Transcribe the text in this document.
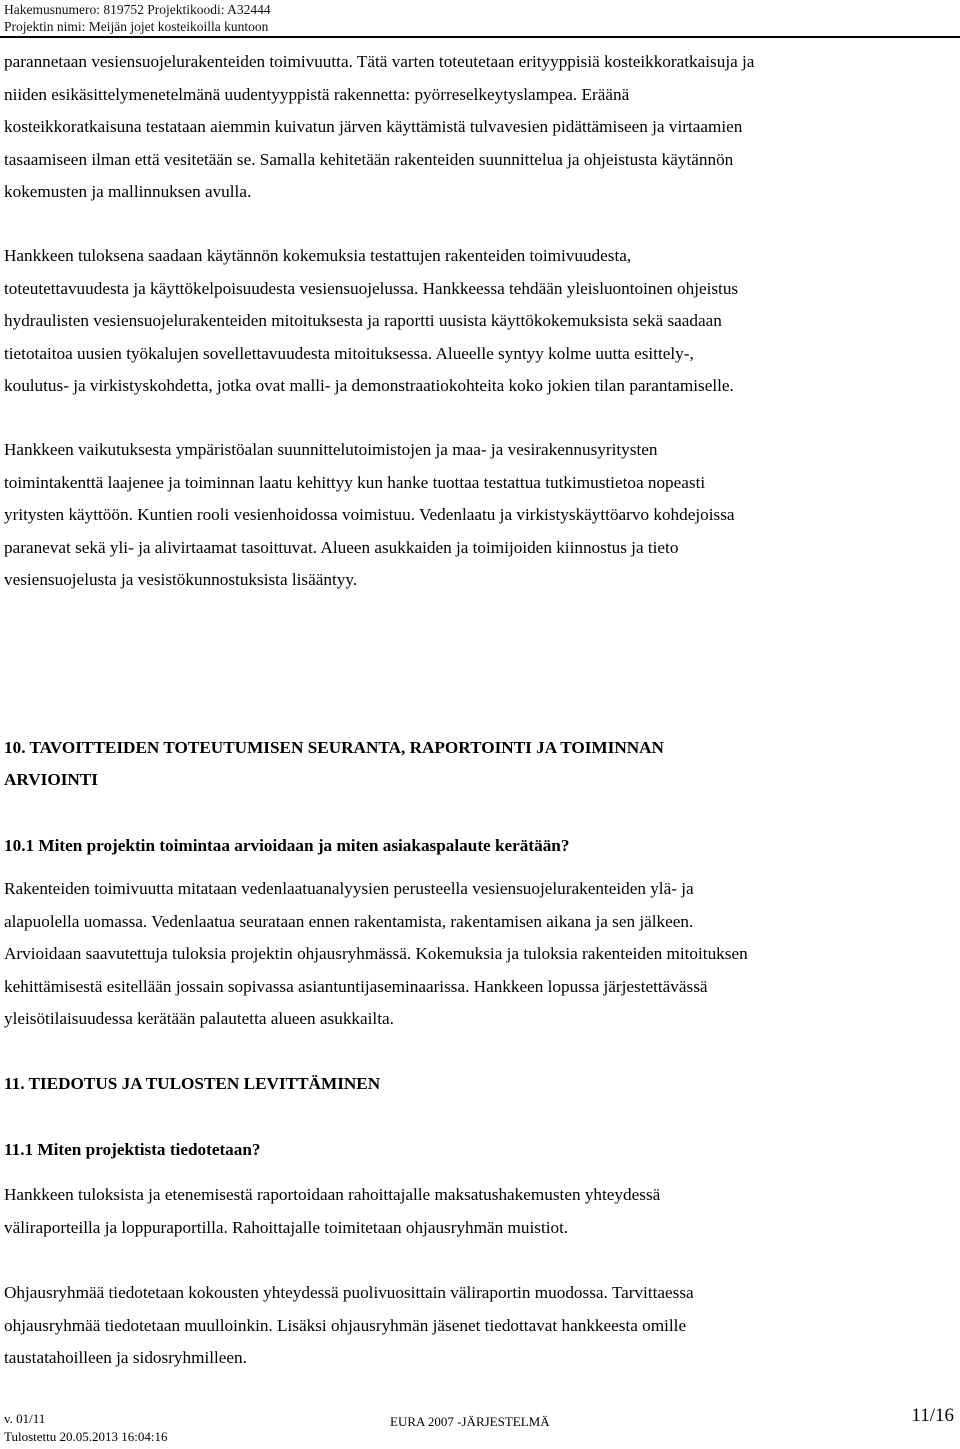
Hakemusnumero: 819752 Projektikoodi: A32444
Projektin nimi: Meijän jojet kosteikoilla kuntoon

parannetaan vesiensuojelurakenteiden toimivuutta. Tätä varten toteutetaan erityyppisiä kosteikkoratkaisuja ja
niiden esikäsittelymenetelmänä uudentyyppistä rakennetta: pyörreselkeytyslampea. Eräänä
kosteikkoratkaisuna testataan aiemmin kuivatun järven käyttämistä tulvavesien pidättämiseen ja virtaamien
tasaamiseen ilman että vesitetään se. Samalla kehitetään rakenteiden suunnittelua ja ohjeistusta käytännön
kokemusten ja mallinnuksen avulla.

Hankkeen tuloksena saadaan käytännön kokemuksia testattujen rakenteiden toimivuudesta,
toteutettavuudesta ja käyttökelpoisuudesta vesiensuojelussa. Hankkeessa tehdään yleisluontoinen ohjeistus
hydraulisten vesiensuojelurakenteiden mitoituksesta ja raportti uusista käyttökokemuksista sekä saadaan
tietotaitoa uusien työkalujen sovellettavuudesta mitoituksessa. Alueelle syntyy kolme uutta esittely-,
koulutus- ja virkistyskohdetta, jotka ovat malli- ja demonstraatiokohteita koko jokien tilan parantamiselle.

Hankkeen vaikutuksesta ympäristöalan suunnittelutoimistojen ja maa- ja vesirakennusyritysten
toimintakenttä laajenee ja toiminnan laatu kehittyy kun hanke tuottaa testattua tutkimustietoa nopeasti
yritysten käyttöön. Kuntien rooli vesienhoidossa voimistuu. Vedenlaatu ja virkistyskäyttöarvo kohdejoissa
paranevat sekä yli- ja alivirtaamat tasoittuvat. Alueen asukkaiden ja toimijoiden kiinnostus ja tieto
vesiensuojelusta ja vesistökunnostuksista lisääntyy.

10. TAVOITTEIDEN TOTEUTUMISEN SEURANTA, RAPORTOINTI JA TOIMINNAN
ARVIOINTI
10.1 Miten projektin toimintaa arvioidaan ja miten asiakaspalaute kerätään?

Rakenteiden toimivuutta mitataan vedenlaatuanalyysien perusteella vesiensuojelurakenteiden ylä- ja
alapuolella uomassa. Vedenlaatua seurataan ennen rakentamista, rakentamisen aikana ja sen jälkeen.
Arvioidaan saavutettuja tuloksia projektin ohjausryhmässä. Kokemuksia ja tuloksia rakenteiden mitoituksen
kehittämisestä esitellään jossain sopivassa asiantuntijaseminaarissa. Hankkeen lopussa järjestettävässä
yleisötilaisuudessa kerätään palautetta alueen asukkailta.

11. TIEDOTUS JA TULOSTEN LEVITTÄMINEN
11.1 Miten projektista tiedotetaan?

Hankkeen tuloksista ja etenemisestä raportoidaan rahoittajalle maksatushakemusten yhteydessä
väliraporteilla ja loppuraportilla. Rahoittajalle toimitetaan ohjausryhmän muistiot.

Ohjausryhmää tiedotetaan kokousten yhteydessä puolivuosittain väliraportin muodossa. Tarvittaessa
ohjausryhmää tiedotetaan muulloinkin. Lisäksi ohjausryhmän jäsenet tiedottavat hankkeesta omille
taustatahoilleen ja sidosryhmilleen.

v. 01/11
Tulostettu 20.05.2013 16:04:16
EURA 2007 -JÄRJESTELMÄ	11/16
